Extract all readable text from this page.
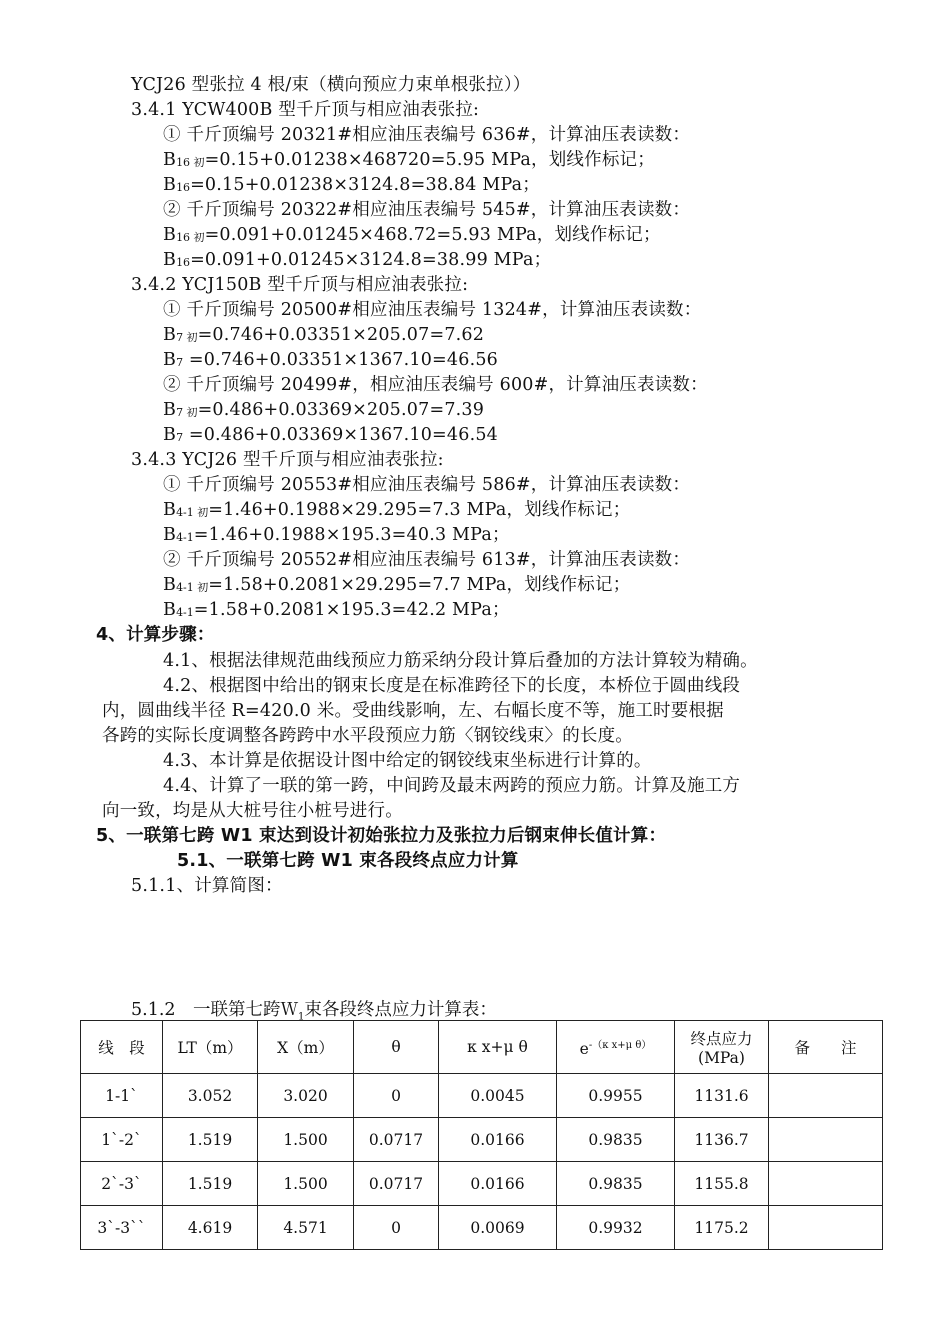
YCJ26 型张拉 4 根/束（横向预应力束单根张拉））
3.4.1 YCW400B 型千斤顶与相应油表张拉:
① 千斤顶编号 20321#相应油压表编号 636#，计算油压表读数：
$B_{16 初}=0.15+0.01238\times 468720=5.95$ MPa，划线作标记；
$B_{16}=0.15+0.01238\times 3124.8=38.84$ MPa；
② 千斤顶编号 20322#相应油压表编号 545#，计算油压表读数：
$B_{16 初}=0.091+0.01245\times 468.72=5.93$ MPa，划线作标记；
$B_{16}=0.091+0.01245\times 3124.8=38.99$ MPa；
3.4.2 YCJ150B 型千斤顶与相应油表张拉:
① 千斤顶编号 20500#相应油压表编号 1324#，计算油压表读数：
$B_{7 初}=0.746+0.03351\times 205.07=7.62$
$B_7 =0.746+0.03351\times 1367.10=46.56$
② 千斤顶编号 20499#，相应油压表编号 600#，计算油压表读数：
$B_{7 初}=0.486+0.03369\times 205.07=7.39$
$B_7 =0.486+0.03369\times 1367.10=46.54$
3.4.3 YCJ26 型千斤顶与相应油表张拉:
① 千斤顶编号 20553#相应油压表编号 586#，计算油压表读数：
$B_{4-1 初}=1.46+0.1988\times 29.295=7.3$ MPa，划线作标记；
$B_{4-1}=1.46+0.1988\times 195.3=40.3$ MPa；
② 千斤顶编号 20552#相应油压表编号 613#，计算油压表读数：
$B_{4-1 初}=1.58+0.2081\times 29.295=7.7$ MPa，划线作标记；
$B_{4-1}=1.58+0.2081\times 195.3=42.2$ MPa；
4、计算步骤：
4.1、根据法律规范曲线预应力筋采纳分段计算后叠加的方法计算较为精确。
4.2、根据图中给出的钢束长度是在标准跨径下的长度，本桥位于圆曲线段
内，圆曲线半径 R=420.0 米。受曲线影响，左、右幅长度不等，施工时要根据
各跨的实际长度调整各跨跨中水平段预应力筋〈钢铰线束〉的长度。
4.3、本计算是依据设计图中给定的钢铰线束坐标进行计算的。
4.4、计算了一联的第一跨，中间跨及最末两跨的预应力筋。计算及施工方
向一致，均是从大桩号往小桩号进行。
5、一联第七跨 W1 束达到设计初始张拉力及张拉力后钢束伸长值计算：
5.1、一联第七跨 W1 束各段终点应力计算
5.1.1、计算简图：
5.1.2　一联第七跨Ｗ$_1$束各段终点应力计算表：
线　段	LT（m）	X（m）	θ	κ x+μ θ	$e^{-(\kappa x+\mu \theta)}$	终点应力
(MPa)	备　　注
1-1`	3.052	3.020	0	0.0045	0.9955	1131.6	
1`-2`	1.519	1.500	0.0717	0.0166	0.9835	1136.7	
2`-3`	1.519	1.500	0.0717	0.0166	0.9835	1155.8	
3`-3``	4.619	4.571	0	0.0069	0.9932	1175.2	
